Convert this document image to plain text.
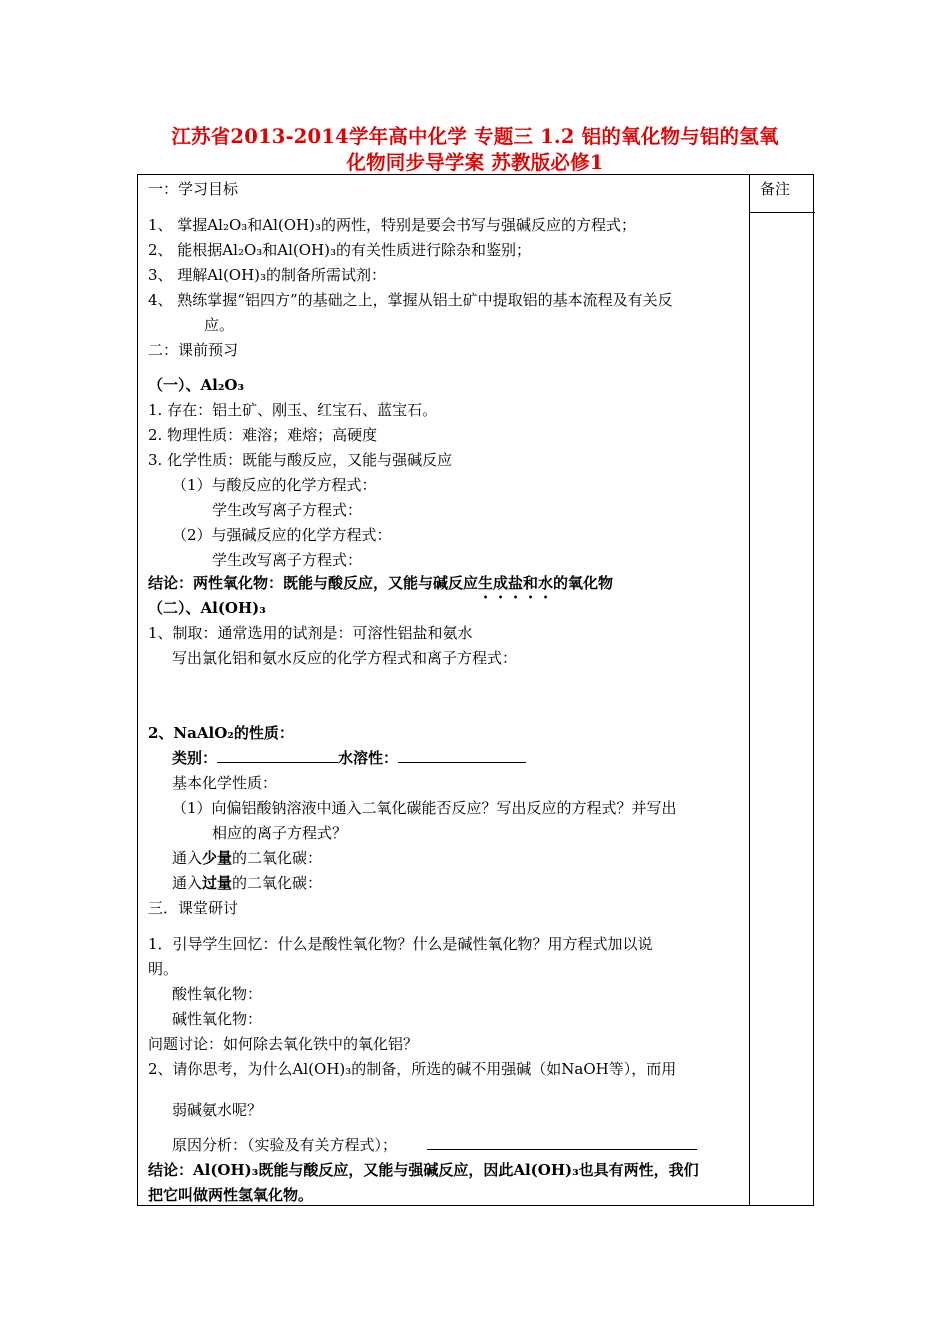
江苏省2013-2014学年高中化学 专题三 1.2 铝的氧化物与铝的氢氧
化物同步导学案 苏教版必修1
备注
一：学习目标
1、 掌握Al₂O₃和Al(OH)₃的两性，特别是要会书写与强碱反应的方程式；
2、 能根据Al₂O₃和Al(OH)₃的有关性质进行除杂和鉴别；
3、 理解Al(OH)₃的制备所需试剂：
4、 熟练掌握“铝四方”的基础之上，掌握从铝土矿中提取铝的基本流程及有关反
应。
二：课前预习
（一）、Al₂O₃
1. 存在：铝土矿、刚玉、红宝石、蓝宝石。
2. 物理性质：难溶；难熔；高硬度
3. 化学性质：既能与酸反应，又能与强碱反应
（1）与酸反应的化学方程式：
学生改写离子方程式：
（2）与强碱反应的化学方程式：
学生改写离子方程式：
结论：两性氧化物：既能与酸反应，又能与碱反应生成盐和水的氧化物
（二）、Al(OH)₃
1、制取：通常选用的试剂是：可溶性铝盐和氨水
写出氯化铝和氨水反应的化学方程式和离子方程式：
2、NaAlO₂的性质：
类别：	水溶性：
基本化学性质：
（1）向偏铝酸钠溶液中通入二氧化碳能否反应？写出反应的方程式？并写出
相应的离子方程式？
通入少量的二氧化碳：
通入过量的二氧化碳：
三．课堂研讨
1．引导学生回忆：什么是酸性氧化物？什么是碱性氧化物？用方程式加以说
明。
酸性氧化物：
碱性氧化物：
问题讨论：如何除去氧化铁中的氧化铝？
2、请你思考，为什么Al(OH)₃的制备，所选的碱不用强碱（如NaOH等），而用
弱碱氨水呢？
原因分析：（实验及有关方程式）；
结论：Al(OH)₃既能与酸反应，又能与强碱反应，因此Al(OH)₃也具有两性，我们
把它叫做两性氢氧化物。
